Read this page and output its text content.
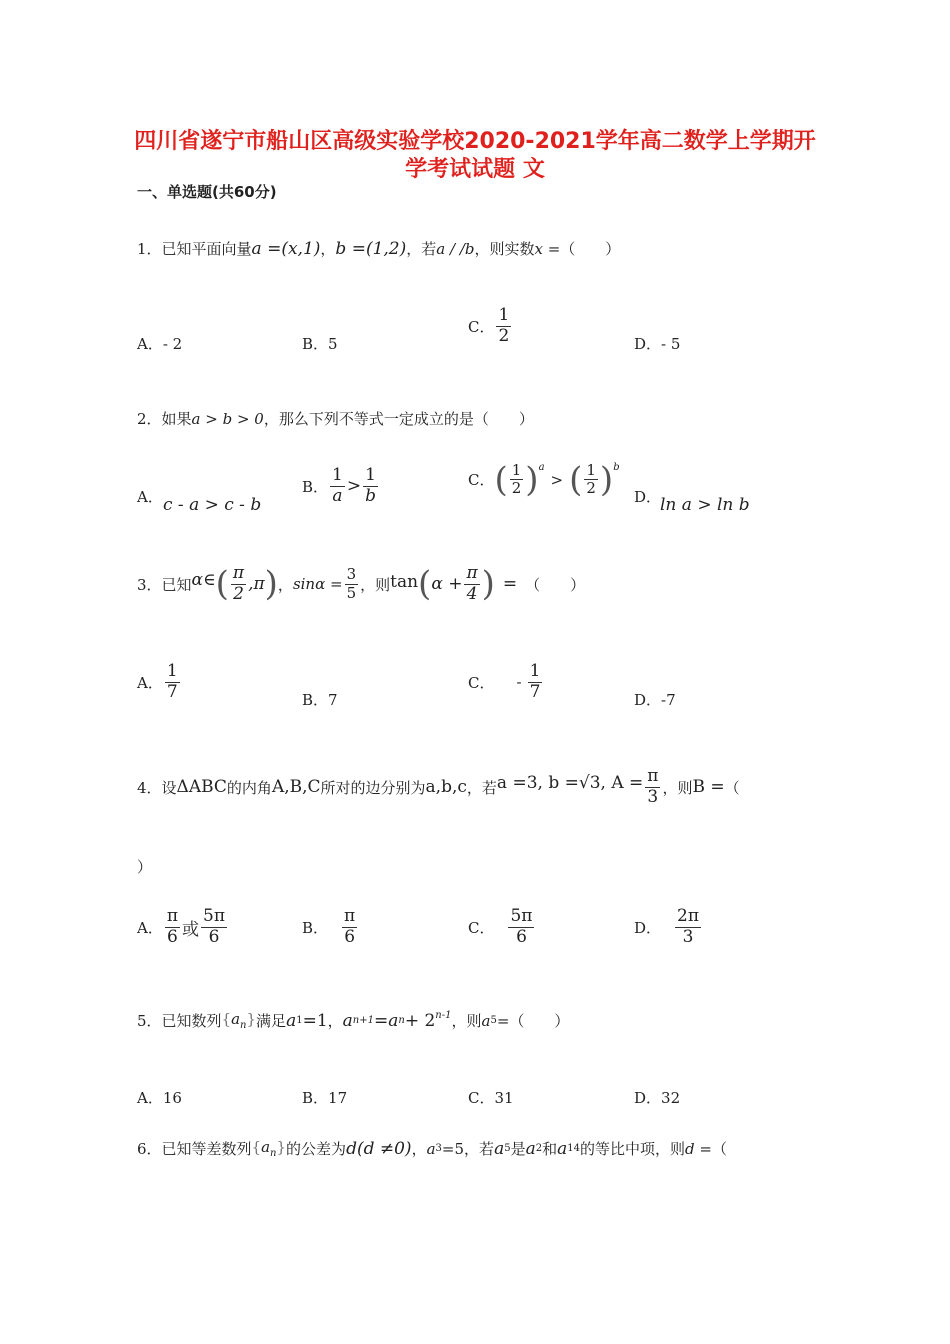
四川省遂宁市船山区高级实验学校2020-2021学年高二数学上学期开
学考试试题 文
一、单选题(共60分)
1．已知平面向量a =(x,1)，b =(1,2)，若a / /b，则实数x =（　　）
A．- 2	B．5
C． $\frac{1}{2}$	D．- 5
2．如果a > b > 0，那么下列不等式一定成立的是（　　）
A． c - a > c - b
B． $\frac{1}{a} > \frac{1}{b}$	C． ( $\frac{1}{2} )^a$
> ( $\frac{1}{2} )^b$
D．
ln a > ln b
3．已知 α∈ ( $\frac{\pi}{2} ,\pi$ ) ， $\sin\alpha = \frac{3}{5}$ ，则 tan ( $\alpha + \frac{\pi}{4}$ ) = （　　）
A． $\frac{1}{7}$	B．7
C． - $\frac{1}{7}$	D．-7
4．设 ΔABC 的内角 A,B,C 所对的边分别为 a,b,c ，若 a =3, b =√3, $A = \frac{\pi}{3}$ ，则 B = （
）
A． $\frac{\pi}{6}$ 或 $\frac{5\pi}{6}$	B． $\frac{\pi}{6}$	C． $\frac{5\pi}{6}$	D． $\frac{2\pi}{3}$
5．已知数列 $\{a_n\}$ 满足 a 1 =1 ， a n+1 =a $n + 2^{n-1}$ ，则 a 5 = （　　）
A．16	B．17	C．31	D．32
6．已知等差数列 $\{a_n\}$ 的公差为 d (d ≠0) ， a 3 =5 ，若 a 5 是 a 2 和 a 14 的等比中项，则 d = （
